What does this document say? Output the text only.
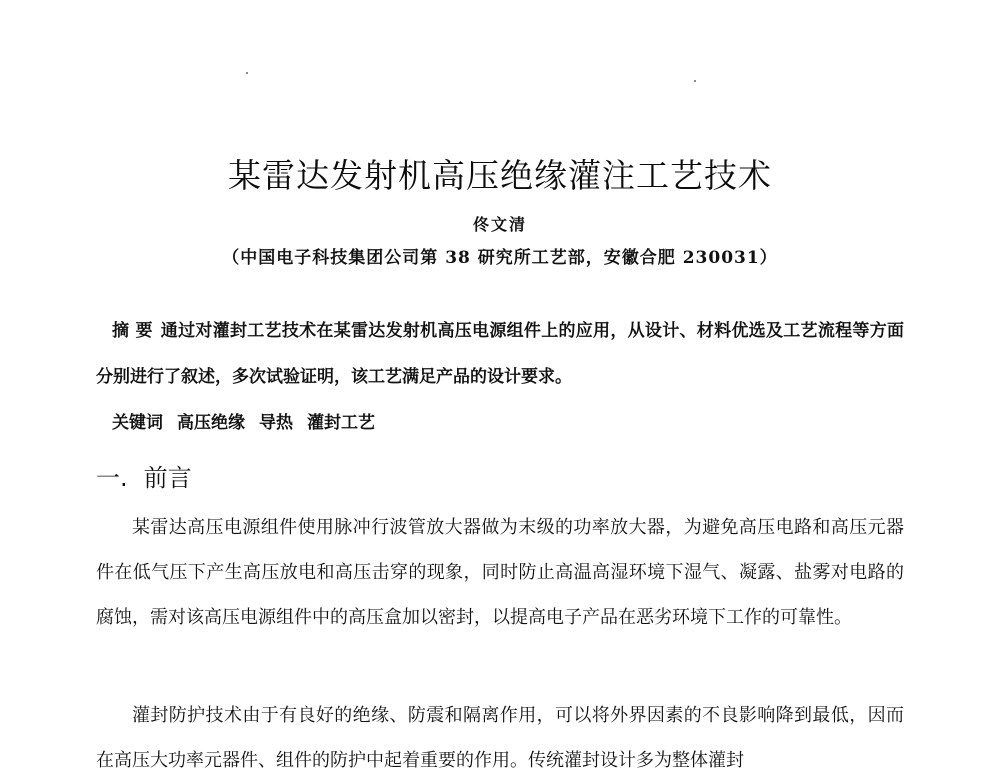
某雷达发射机高压绝缘灌注工艺技术
佟文清
（中国电子科技集团公司第 38 研究所工艺部，安徽合肥 230031）

摘 要 通过对灌封工艺技术在某雷达发射机高压电源组件上的应用，从设计、材料优选及工艺流程等方面分别进行了叙述，多次试验证明，该工艺满足产品的设计要求。

关键词 高压绝缘 导热 灌封工艺
一. 前言

某雷达高压电源组件使用脉冲行波管放大器做为末级的功率放大器，为避免高压电路和高压元器件在低气压下产生高压放电和高压击穿的现象，同时防止高温高湿环境下湿气、凝露、盐雾对电路的腐蚀，需对该高压电源组件中的高压盒加以密封，以提高电子产品在恶劣环境下工作的可靠性。

灌封防护技术由于有良好的绝缘、防震和隔离作用，可以将外界因素的不良影响降到最低，因而在高压大功率元器件、组件的防护中起着重要的作用。传统灌封设计多为整体灌封
